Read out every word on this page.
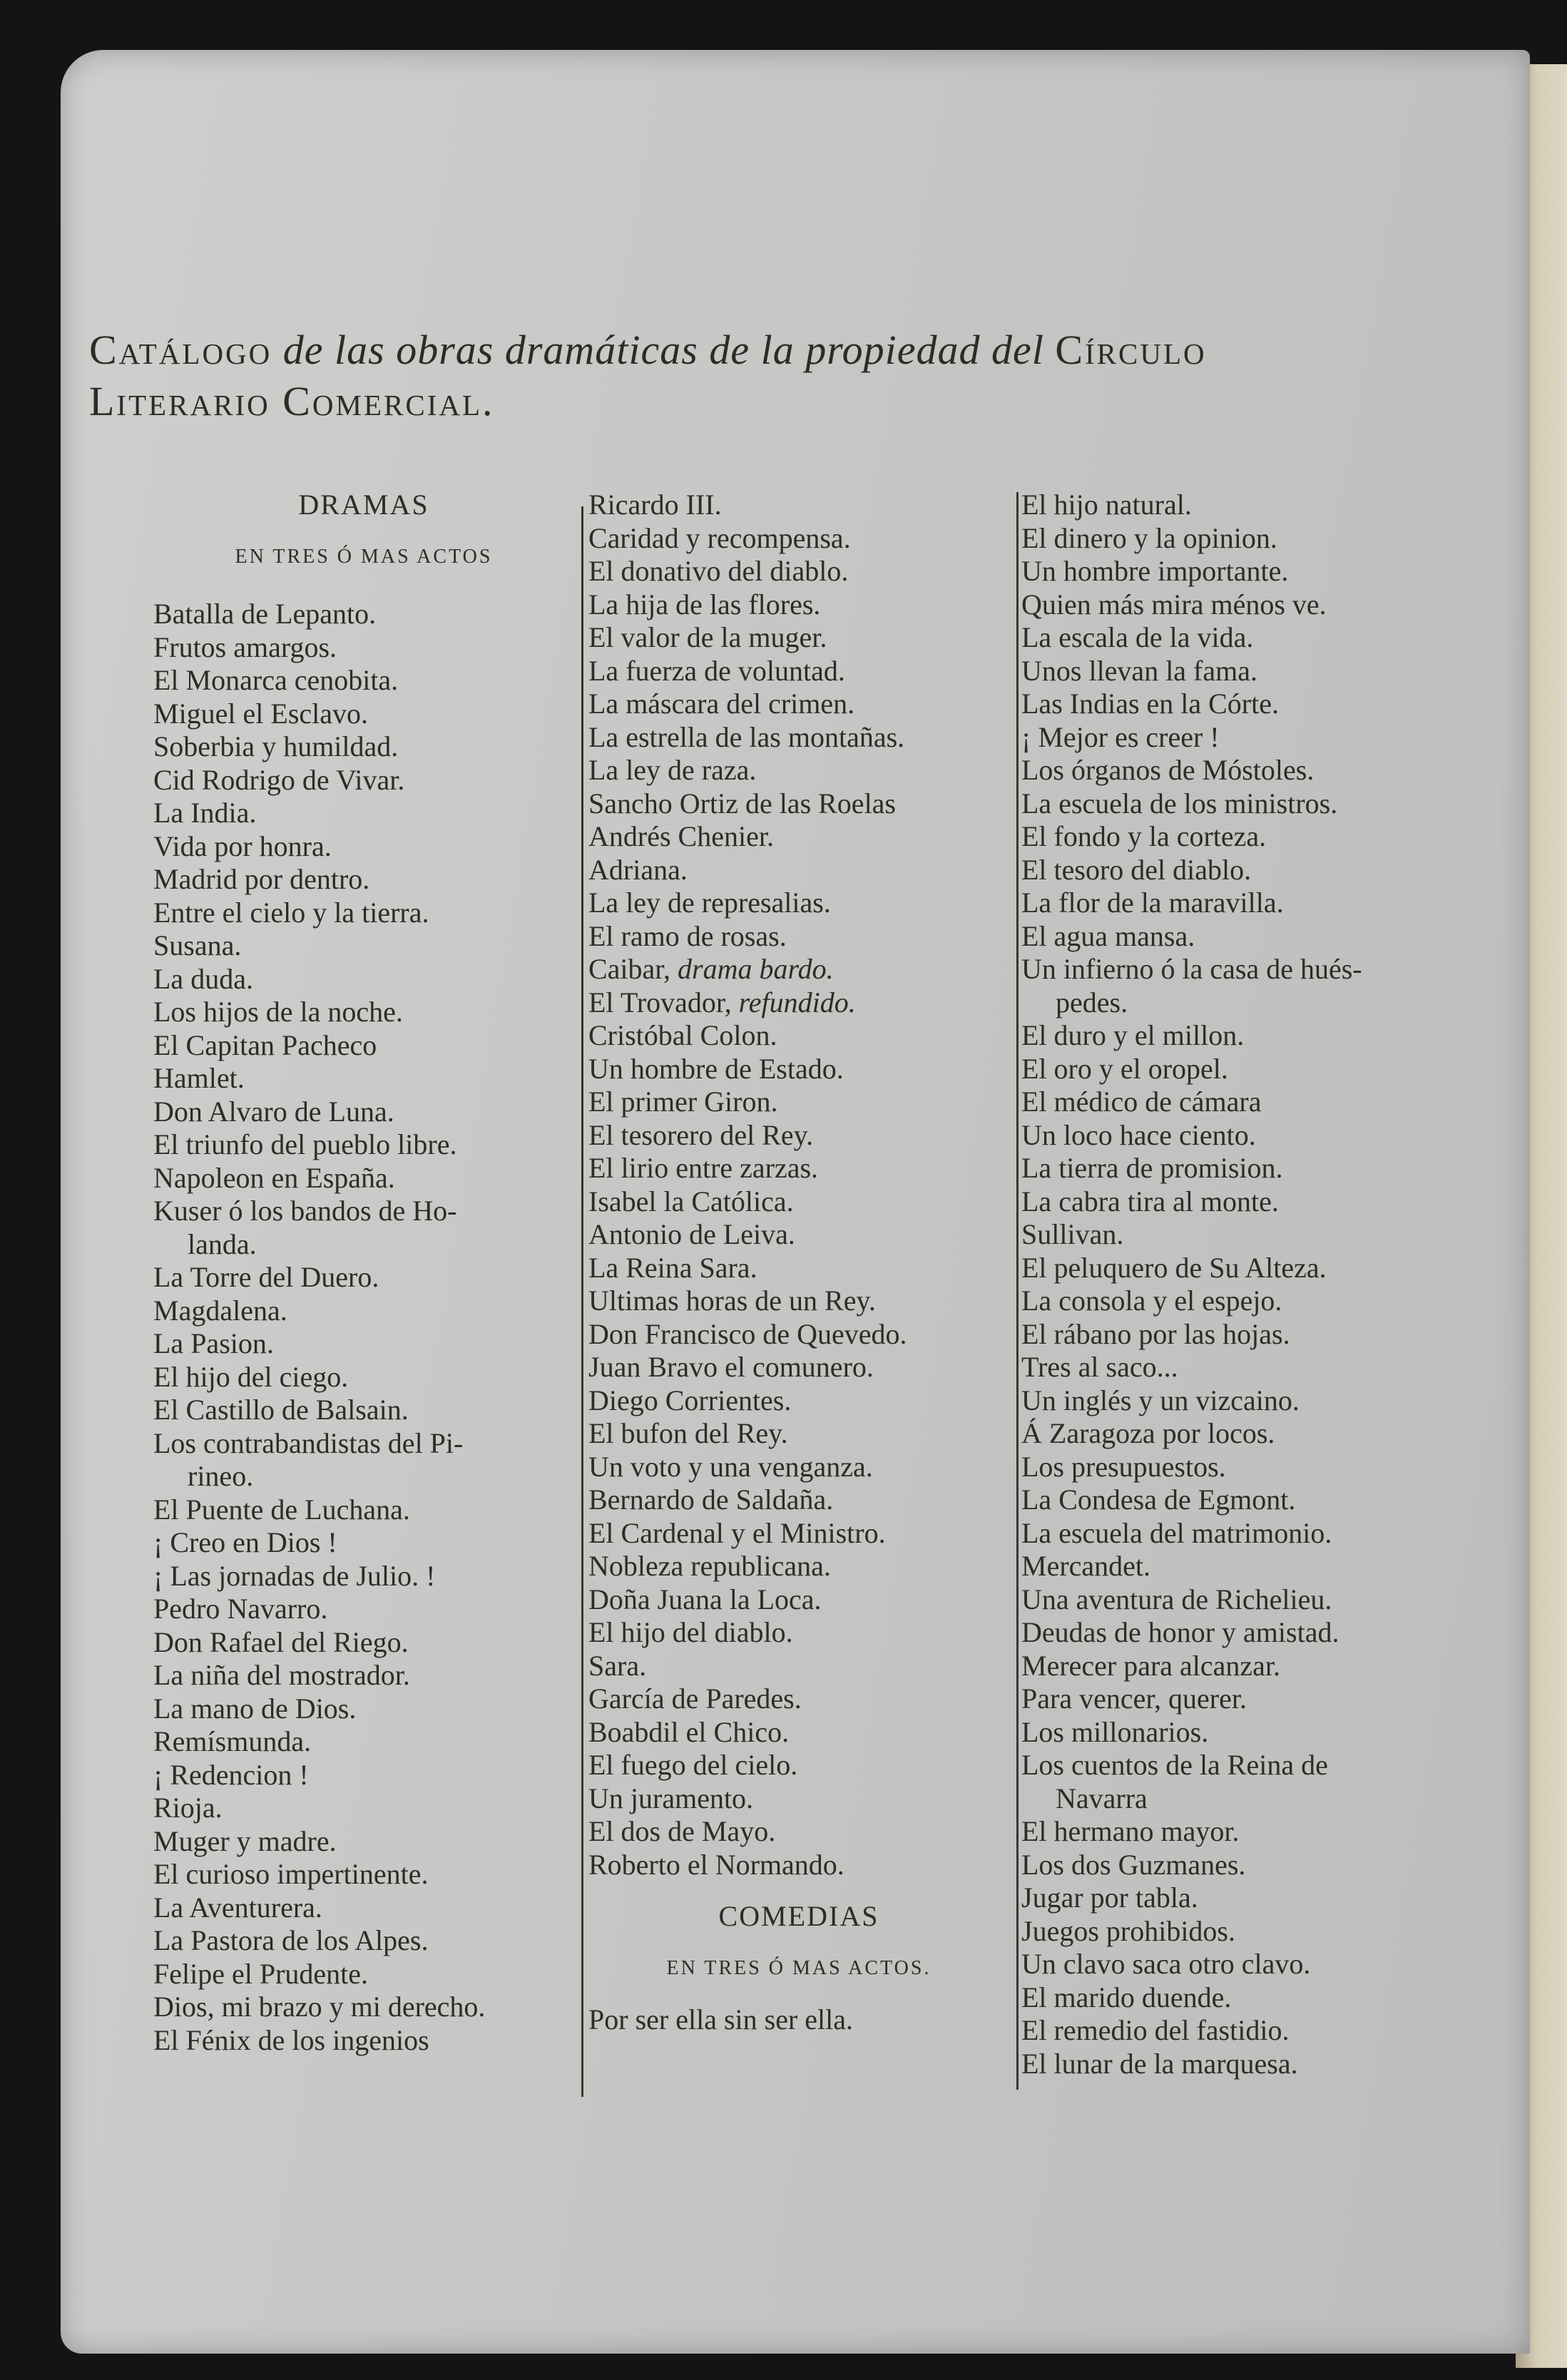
Catálogo de las obras dramáticas de la propiedad del Círculo
Literario Comercial.
DRAMAS
EN TRES Ó MAS ACTOS
Batalla de Lepanto.
Frutos amargos.
El Monarca cenobita.
Miguel el Esclavo.
Soberbia y humildad.
Cid Rodrigo de Vivar.
La India.
Vida por honra.
Madrid por dentro.
Entre el cielo y la tierra.
Susana.
La duda.
Los hijos de la noche.
El Capitan Pacheco
Hamlet.
Don Alvaro de Luna.
El triunfo del pueblo libre.
Napoleon en España.
Kuser ó los bandos de Ho-
landa.
La Torre del Duero.
Magdalena.
La Pasion.
El hijo del ciego.
El Castillo de Balsain.
Los contrabandistas del Pi-
rineo.
El Puente de Luchana.
¡ Creo en Dios !
¡ Las jornadas de Julio. !
Pedro Navarro.
Don Rafael del Riego.
La niña del mostrador.
La mano de Dios.
Remísmunda.
¡ Redencion !
Rioja.
Muger y madre.
El curioso impertinente.
La Aventurera.
La Pastora de los Alpes.
Felipe el Prudente.
Dios, mi brazo y mi derecho.
El Fénix de los ingenios
Ricardo III.
Caridad y recompensa.
El donativo del diablo.
La hija de las flores.
El valor de la muger.
La fuerza de voluntad.
La máscara del crimen.
La estrella de las montañas.
La ley de raza.
Sancho Ortiz de las Roelas
Andrés Chenier.
Adriana.
La ley de represalias.
El ramo de rosas.
Caibar, drama bardo.
El Trovador, refundido.
Cristóbal Colon.
Un hombre de Estado.
El primer Giron.
El tesorero del Rey.
El lirio entre zarzas.
Isabel la Católica.
Antonio de Leiva.
La Reina Sara.
Ultimas horas de un Rey.
Don Francisco de Quevedo.
Juan Bravo el comunero.
Diego Corrientes.
El bufon del Rey.
Un voto y una venganza.
Bernardo de Saldaña.
El Cardenal y el Ministro.
Nobleza republicana.
Doña Juana la Loca.
El hijo del diablo.
Sara.
García de Paredes.
Boabdil el Chico.
El fuego del cielo.
Un juramento.
El dos de Mayo.
Roberto el Normando.
COMEDIAS
EN TRES Ó MAS ACTOS.
Por ser ella sin ser ella.
El hijo natural.
El dinero y la opinion.
Un hombre importante.
Quien más mira ménos ve.
La escala de la vida.
Unos llevan la fama.
Las Indias en la Córte.
¡ Mejor es creer !
Los órganos de Móstoles.
La escuela de los ministros.
El fondo y la corteza.
El tesoro del diablo.
La flor de la maravilla.
El agua mansa.
Un infierno ó la casa de hués-
pedes.
El duro y el millon.
El oro y el oropel.
El médico de cámara
Un loco hace ciento.
La tierra de promision.
La cabra tira al monte.
Sullivan.
El peluquero de Su Alteza.
La consola y el espejo.
El rábano por las hojas.
Tres al saco...
Un inglés y un vizcaino.
Á Zaragoza por locos.
Los presupuestos.
La Condesa de Egmont.
La escuela del matrimonio.
Mercandet.
Una aventura de Richelieu.
Deudas de honor y amistad.
Merecer para alcanzar.
Para vencer, querer.
Los millonarios.
Los cuentos de la Reina de
Navarra
El hermano mayor.
Los dos Guzmanes.
Jugar por tabla.
Juegos prohibidos.
Un clavo saca otro clavo.
El marido duende.
El remedio del fastidio.
El lunar de la marquesa.
